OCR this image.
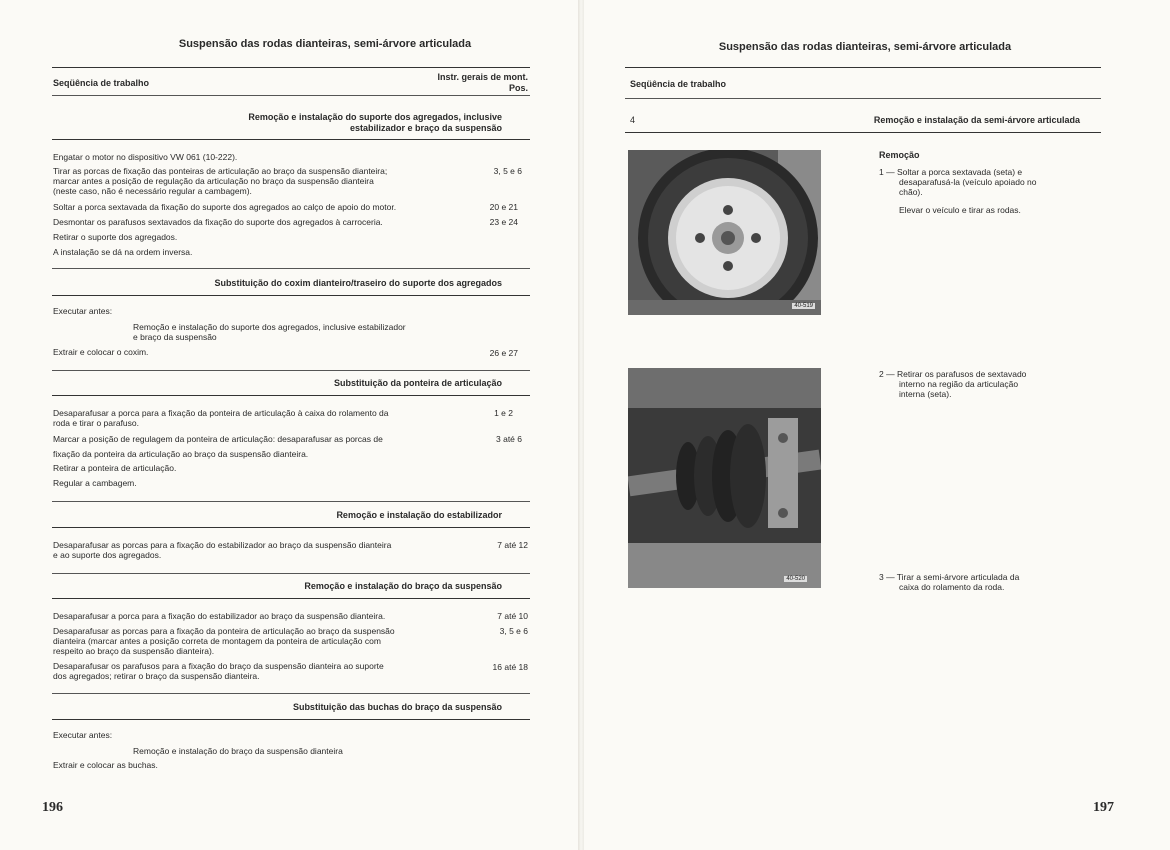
Suspensão das rodas dianteiras, semi-árvore articulada
Seqüência de trabalho
Instr. gerais de mont.
Pos.
Remoção e instalação do suporte dos agregados, inclusive
estabilizador e braço da suspensão
Engatar o motor no dispositivo VW 061 (10-222).
Tirar as porcas de fixação das ponteiras de articulação ao braço da suspensão dianteira;
marcar antes a posição de regulação da articulação no braço da suspensão dianteira
(neste caso, não é necessário regular a cambagem).
3, 5 e 6
Soltar a porca sextavada da fixação do suporte dos agregados ao calço de apoio do motor.	20 e 21
Desmontar os parafusos sextavados da fixação do suporte dos agregados à carroceria.	23 e 24
Retirar o suporte dos agregados.
A instalação se dá na ordem inversa.
Substituição do coxim dianteiro/traseiro do suporte dos agregados
Executar antes:
Remoção e instalação do suporte dos agregados, inclusive estabilizador
e braço da suspensão
Extrair e colocar o coxim.	26 e 27
Substituição da ponteira de articulação
Desaparafusar a porca para a fixação da ponteira de articulação à caixa do rolamento da
roda e tirar o parafuso.
1 e 2
Marcar a posição de regulagem da ponteira de articulação: desaparafusar as porcas de
fixação da ponteira da articulação ao braço da suspensão dianteira.
3 até 6
Retirar a ponteira de articulação.
Regular a cambagem.
Remoção e instalação do estabilizador
Desaparafusar as porcas para a fixação do estabilizador ao braço da suspensão dianteira
e ao suporte dos agregados.
7 até 12
Remoção e instalação do braço da suspensão
Desaparafusar a porca para a fixação do estabilizador ao braço da suspensão dianteira.	7 até 10
Desaparafusar as porcas para a fixação da ponteira de articulação ao braço da suspensão
dianteira (marcar antes a posição correta de montagem da ponteira de articulação com
respeito ao braço da suspensão dianteira).
3, 5 e 6
Desaparafusar os parafusos para a fixação do braço da suspensão dianteira ao suporte
dos agregados; retirar o braço da suspensão dianteira.
16 até 18
Substituição das buchas do braço da suspensão
Executar antes:
Remoção e instalação do braço da suspensão dianteira
Extrair e colocar as buchas.
196
Suspensão das rodas dianteiras, semi-árvore articulada
Seqüência de trabalho
4	Remoção e instalação da semi-árvore articulada
40-519
Remoção
1 — Soltar a porca sextavada (seta) e
desaparafusá-la (veículo apoiado no
chão).
Elevar o veículo e tirar as rodas.
40-520
2 — Retirar os parafusos de sextavado
interno na região da articulação
interna (seta).
3 — Tirar a semi-árvore articulada da
caixa do rolamento da roda.
197
